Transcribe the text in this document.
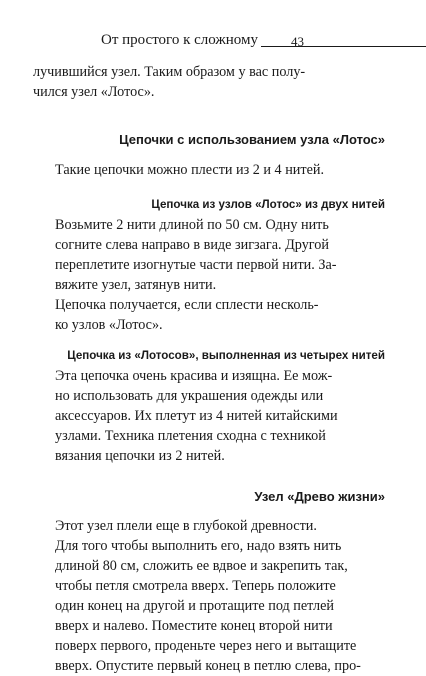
От простого к сложному	43

лучившийся узел. Таким образом у вас полу-
чился узел «Лотос».

Цепочки с использованием узла «Лотос»

Такие цепочки можно плести из 2 и 4 нитей.

Цепочка из узлов «Лотос» из двух нитей

Возьмите 2 нити длиной по 50 см. Одну нить
согните слева направо в виде зигзага. Другой
переплетите изогнутые части первой нити. За-
вяжите узел, затянув нити.

Цепочка получается, если сплести несколь-
ко узлов «Лотос».

Цепочка из «Лотосов», выполненная из четырех нитей

Эта цепочка очень красива и изящна. Ее мож-
но использовать для украшения одежды или
аксессуаров. Их плетут из 4 нитей китайскими
узлами. Техника плетения сходна с техникой
вязания цепочки из 2 нитей.

Узел «Древо жизни»

Этот узел плели еще в глубокой древности.
Для того чтобы выполнить его, надо взять нить
длиной 80 см, сложить ее вдвое и закрепить так,
чтобы петля смотрела вверх. Теперь положите
один конец на другой и протащите под петлей
вверх и налево. Поместите конец второй нити
поверх первого, проденьте через него и вытащите
вверх. Опустите первый конец в петлю слева, про-
